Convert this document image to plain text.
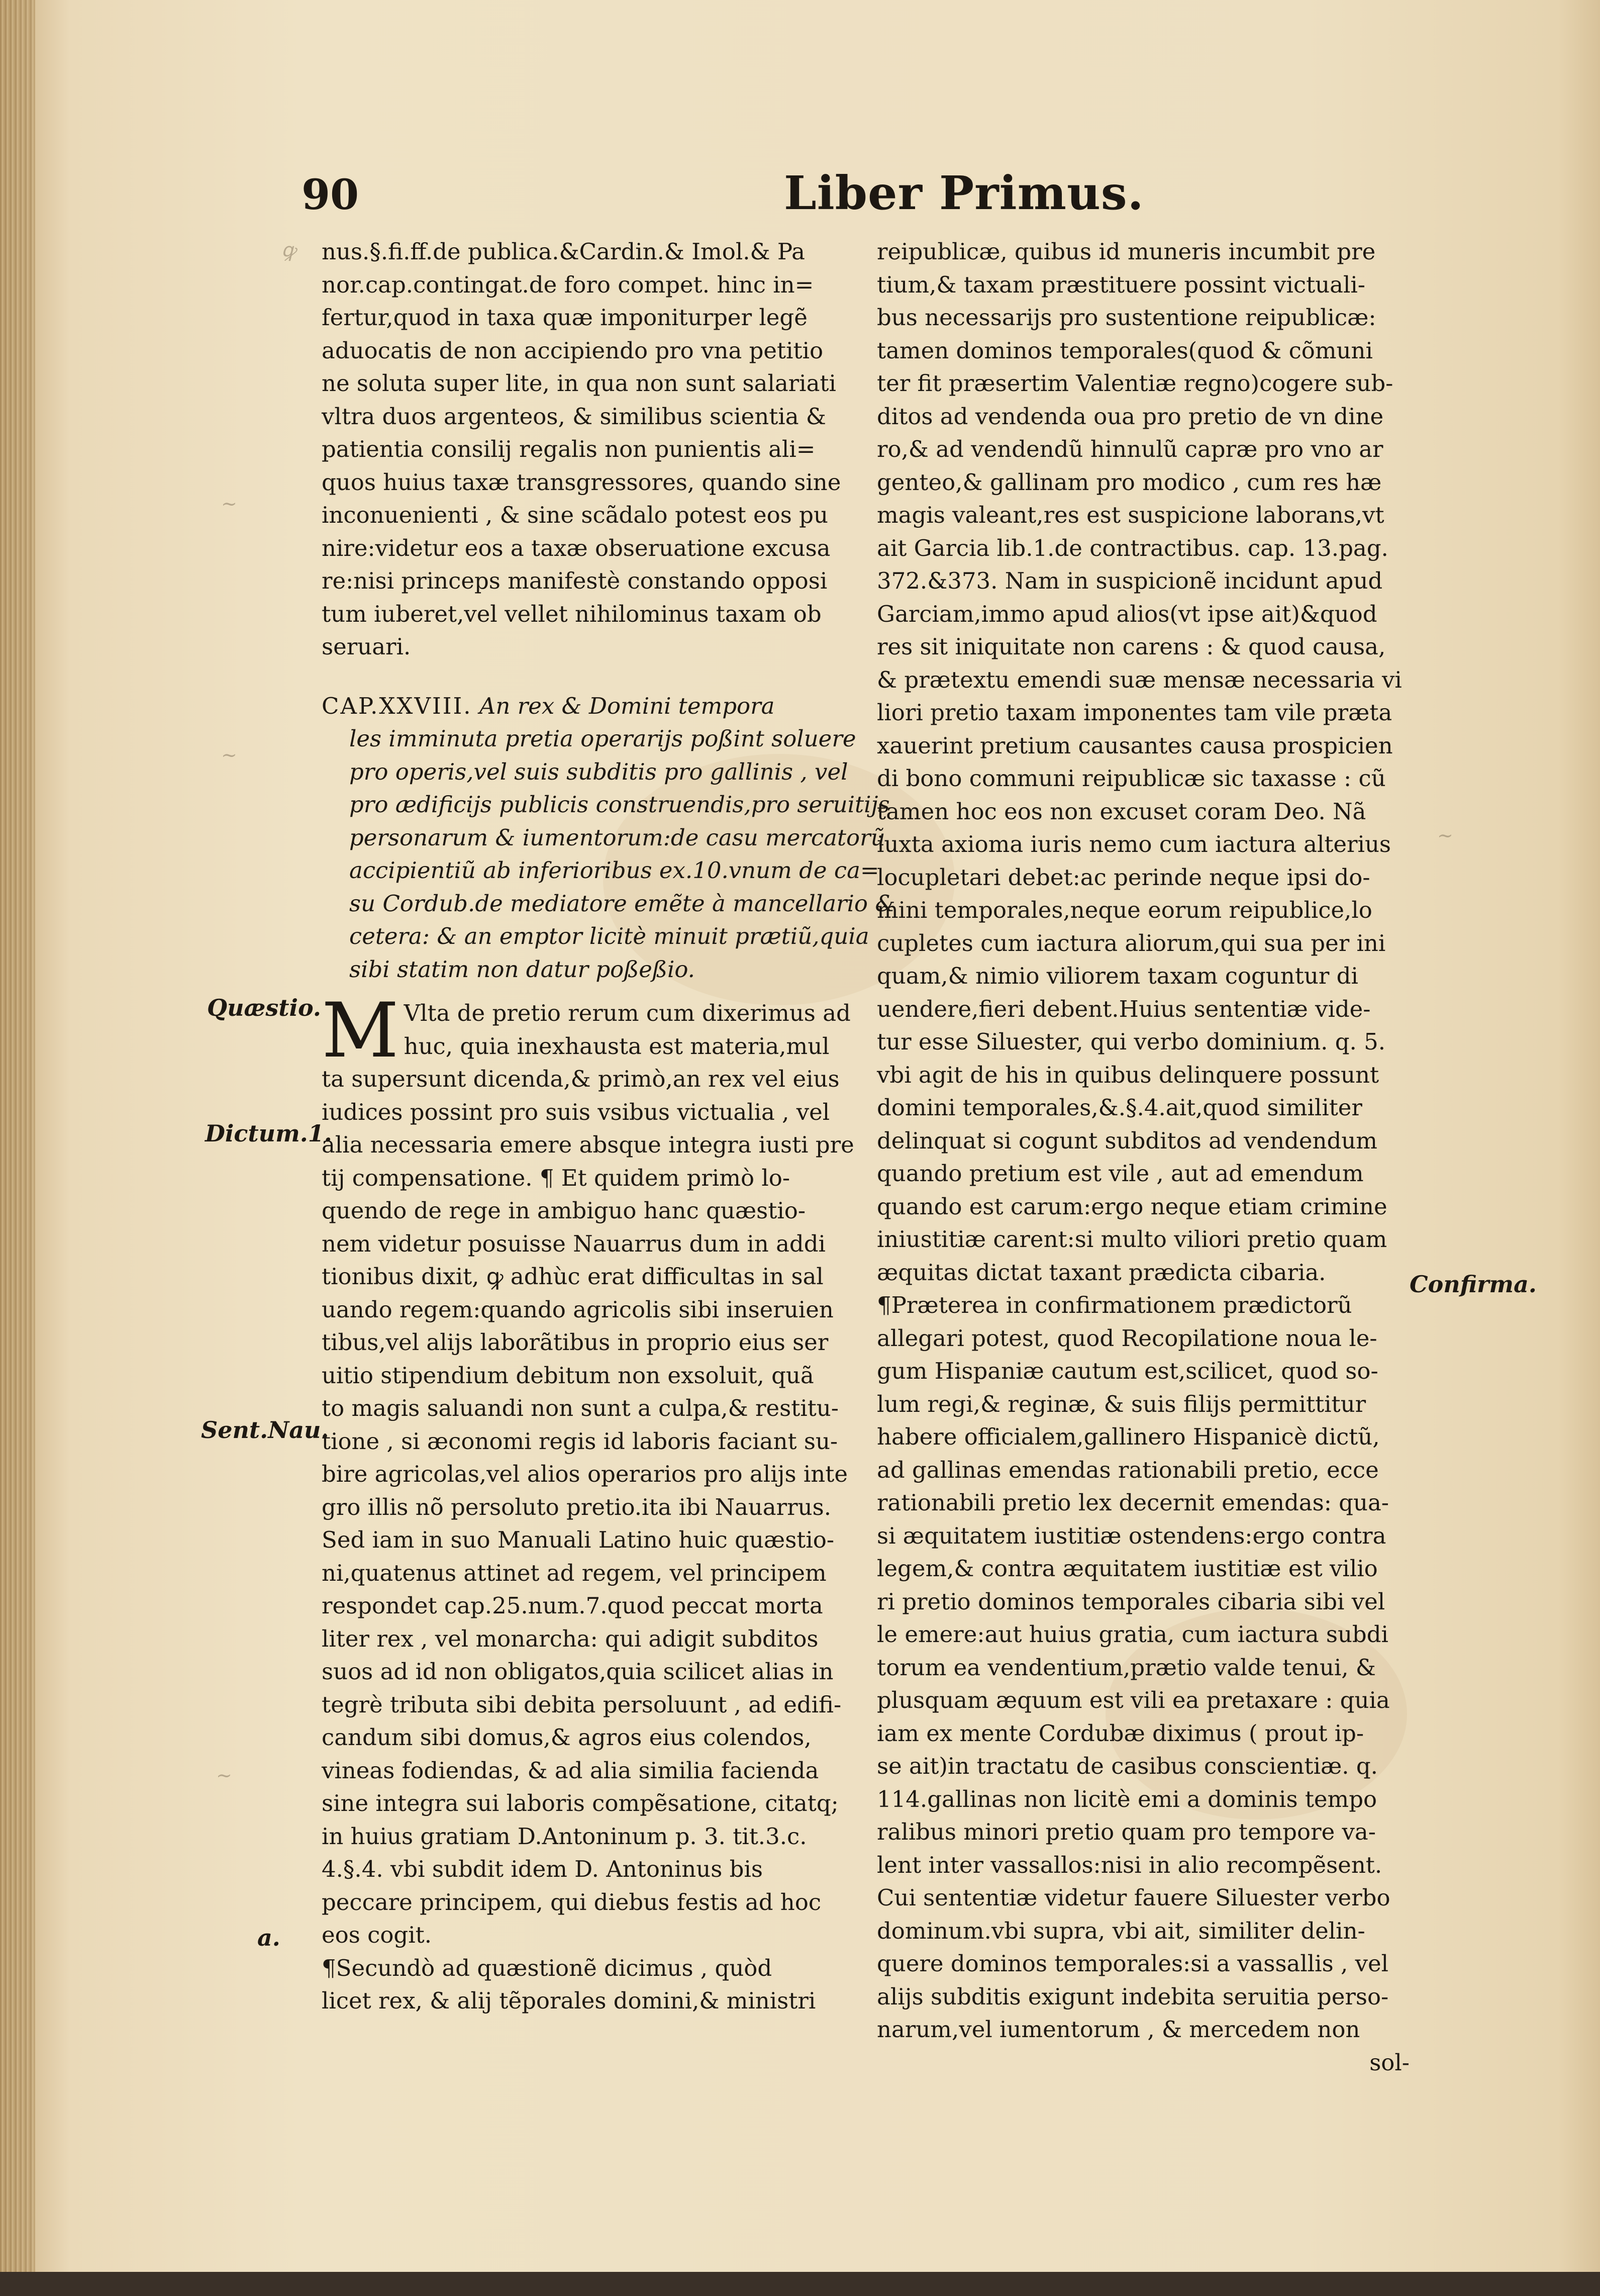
90	Liber Primus.
ꝙ
~
~
~
~
nus.§.fi.ff.de publica.&Cardin.& Imol.& Pa
nor.cap.contingat.de foro compet. hinc in=
fertur,quod in taxa quæ imponiturper legẽ
aduocatis de non accipiendo pro vna petitio
ne soluta super lite, in qua non sunt salariati
vltra duos argenteos, & similibus scientia &
patientia consilij regalis non punientis ali=
quos huius taxæ transgressores, quando sine
inconuenienti , & sine scãdalo potest eos pu
nire:videtur eos a taxæ obseruatione excusa
re:nisi princeps manifestè constando opposi
tum iuberet,vel vellet nihilominus taxam ob
seruari.
CAP.XXVIII. An rex & Domini tempora
les imminuta pretia operarijs poßint soluere
pro operis,vel suis subditis pro gallinis , vel
pro ædificijs publicis construendis,pro seruitijs
personarum & iumentorum:de casu mercatorũ
accipientiũ ab inferioribus ex.10.vnum de ca=
su Cordub.de mediatore emẽte à mancellario &
cetera: & an emptor licitè minuit prætiũ,quia
sibi statim non datur poßeßio.
M Vlta de pretio rerum cum dixerimus ad
huc, quia inexhausta est materia,mul
ta supersunt dicenda,& primò,an rex vel eius
iudices possint pro suis vsibus victualia , vel
alia necessaria emere absque integra iusti pre
tij compensatione. ¶ Et quidem primò lo-
quendo de rege in ambiguo hanc quæstio-
nem videtur posuisse Nauarrus dum in addi
tionibus dixit, ꝙ adhùc erat difficultas in sal
uando regem:quando agricolis sibi inseruien
tibus,vel alijs laborãtibus in proprio eius ser
uitio stipendium debitum non exsoluit, quã
to magis saluandi non sunt a culpa,& restitu-
tione , si æconomi regis id laboris faciant su-
bire agricolas,vel alios operarios pro alijs inte
gro illis nõ persoluto pretio.ita ibi Nauarrus.
Sed iam in suo Manuali Latino huic quæstio-
ni,quatenus attinet ad regem, vel principem
respondet cap.25.num.7.quod peccat morta
liter rex , vel monarcha: qui adigit subditos
suos ad id non obligatos,quia scilicet alias in
tegrè tributa sibi debita persoluunt , ad edifi-
candum sibi domus,& agros eius colendos,
vineas fodiendas, & ad alia similia facienda
sine integra sui laboris compẽsatione, citatq;
in huius gratiam D.Antoninum p. 3. tit.3.c.
4.§.4. vbi subdit idem D. Antoninus bis
peccare principem, qui diebus festis ad hoc
eos cogit.
¶Secundò ad quæstionẽ dicimus , quòd
licet rex, & alij tẽporales domini,& ministri
reipublicæ, quibus id muneris incumbit pre
tium,& taxam præstituere possint victuali-
bus necessarijs pro sustentione reipublicæ:
tamen dominos temporales(quod & cõmuni
ter fit præsertim Valentiæ regno)cogere sub-
ditos ad vendenda oua pro pretio de vn dine
ro,& ad vendendũ hinnulũ capræ pro vno ar
genteo,& gallinam pro modico , cum res hæ
magis valeant,res est suspicione laborans,vt
ait Garcia lib.1.de contractibus. cap. 13.pag.
372.&373. Nam in suspicionẽ incidunt apud
Garciam,immo apud alios(vt ipse ait)&quod
res sit iniquitate non carens : & quod causa,
& prætextu emendi suæ mensæ necessaria vi
liori pretio taxam imponentes tam vile præta
xauerint pretium causantes causa prospicien
di bono communi reipublicæ sic taxasse : cũ
tamen hoc eos non excuset coram Deo. Nã
iuxta axioma iuris nemo cum iactura alterius
locupletari debet:ac perinde neque ipsi do-
mini temporales,neque eorum reipublice,lo
cupletes cum iactura aliorum,qui sua per ini
quam,& nimio viliorem taxam coguntur di
uendere,fieri debent.Huius sententiæ vide-
tur esse Siluester, qui verbo dominium. q. 5.
vbi agit de his in quibus delinquere possunt
domini temporales,&.§.4.ait,quod similiter
delinquat si cogunt subditos ad vendendum
quando pretium est vile , aut ad emendum
quando est carum:ergo neque etiam crimine
iniustitiæ carent:si multo viliori pretio quam
æquitas dictat taxant prædicta cibaria.
¶Præterea in confirmationem prædictorũ
allegari potest, quod Recopilatione noua le-
gum Hispaniæ cautum est,scilicet, quod so-
lum regi,& reginæ, & suis filijs permittitur
habere officialem,gallinero Hispanicè dictũ,
ad gallinas emendas rationabili pretio, ecce
rationabili pretio lex decernit emendas: qua-
si æquitatem iustitiæ ostendens:ergo contra
legem,& contra æquitatem iustitiæ est vilio
ri pretio dominos temporales cibaria sibi vel
le emere:aut huius gratia, cum iactura subdi
torum ea vendentium,prætio valde tenui, &
plusquam æquum est vili ea pretaxare : quia
iam ex mente Cordubæ diximus ( prout ip-
se ait)in tractatu de casibus conscientiæ. q.
114.gallinas non licitè emi a dominis tempo
ralibus minori pretio quam pro tempore va-
lent inter vassallos:nisi in alio recompẽsent.
Cui sententiæ videtur fauere Siluester verbo
dominum.vbi supra, vbi ait, similiter delin-
quere dominos temporales:si a vassallis , vel
alijs subditis exigunt indebita seruitia perso-
narum,vel iumentorum , & mercedem non
sol-
Quæstio.
Dictum.1.
Sent.Nau.
a.
Confirma.
